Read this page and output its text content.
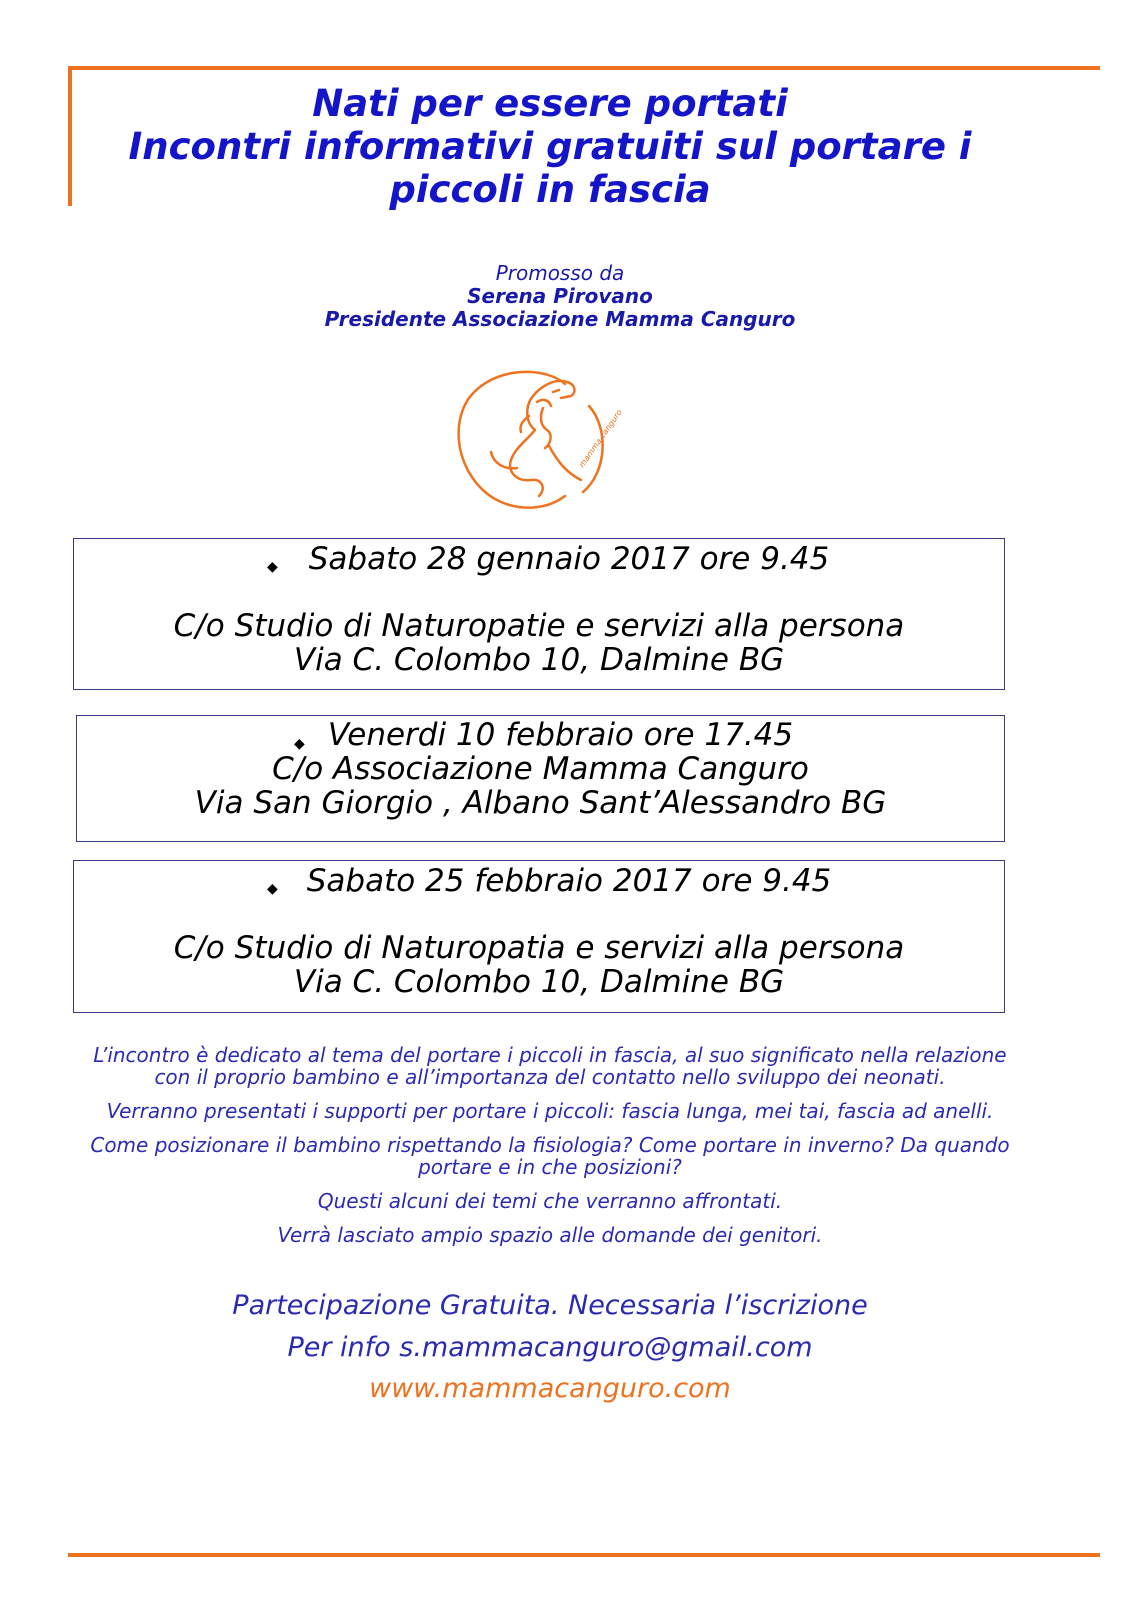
Nati per essere portati
Incontri informativi gratuiti sul portare i
piccoli in fascia
Promosso da
Serena Pirovano
Presidente Associazione Mamma Canguro
mamma canguro
◆ Sabato 28 gennaio 2017 ore 9.45
C/o Studio di Naturopatie e servizi alla persona
Via C. Colombo 10, Dalmine BG
◆ Venerdi 10 febbraio ore 17.45
C/o Associazione Mamma Canguro
Via San Giorgio , Albano Sant’Alessandro BG
◆ Sabato 25 febbraio 2017 ore 9.45
C/o Studio di Naturopatia e servizi alla persona
Via C. Colombo 10, Dalmine BG

L’incontro è dedicato al tema del portare i piccoli in fascia, al suo significato nella relazione
con il proprio bambino e all’importanza del contatto nello sviluppo dei neonati.

Verranno presentati i supporti per portare i piccoli: fascia lunga, mei tai, fascia ad anelli.

Come posizionare il bambino rispettando la fisiologia? Come portare in inverno? Da quando
portare e in che posizioni?

Questi alcuni dei temi che verranno affrontati.

Verrà lasciato ampio spazio alle domande dei genitori.

Partecipazione Gratuita. Necessaria l’iscrizione
Per info s.mammacanguro@gmail.com
www.mammacanguro.com
